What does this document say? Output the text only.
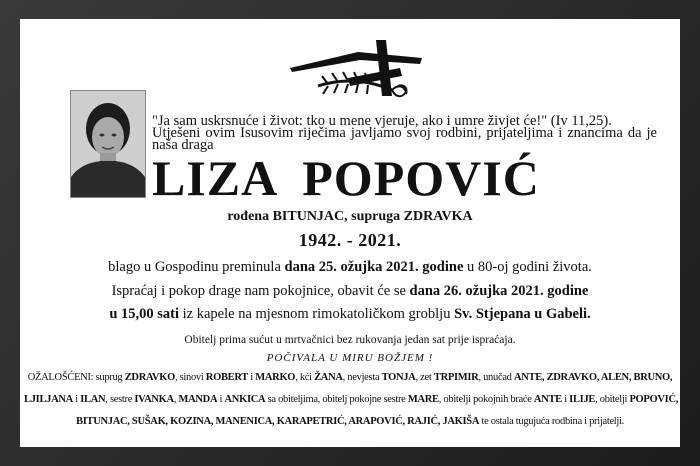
"Ja sam uskrsnuće i život: tko u mene vjeruje, ako i umre živjet će!" (Iv 11,25).
Utješeni ovim Isusovim riječima javljamo svoj rodbini, prijateljima i znancima da je naša draga
LIZA POPOVIĆ
rođena BITUNJAC, supruga ZDRAVKA
1942. - 2021.
blago u Gospodinu preminula dana 25. ožujka 2021. godine u 80-oj godini života.
Ispraćaj i pokop drage nam pokojnice, obavit će se dana 26. ožujka 2021. godine
u 15,00 sati iz kapele na mjesnom rimokatoličkom groblju Sv. Stjepana u Gabeli.
Obitelj prima sućut u mrtvačnici bez rukovanja jedan sat prije ispraćaja.
POČIVALA U MIRU BOŽJEM !
OŽALOŠĆENI: suprug ZDRAVKO, sinovi ROBERT i MARKO, kći ŽANA, nevjesta TONJA, zet TRPIMIR, unučad ANTE, ZDRAVKO, ALEN, BRUNO,
LJILJANA i ILAN, sestre IVANKA, MANDA i ANKICA sa obiteljima, obitelj pokojne sestre MARE, obitelji pokojnih braće ANTE i ILIJE, obitelji POPOVIĆ,
BITUNJAC, SUŠAK, KOZINA, MANENICA, KARAPETRIĆ, ARAPOVIĆ, RAJIĆ, JAKIŠA te ostala tugujuća rodbina i prijatelji.
